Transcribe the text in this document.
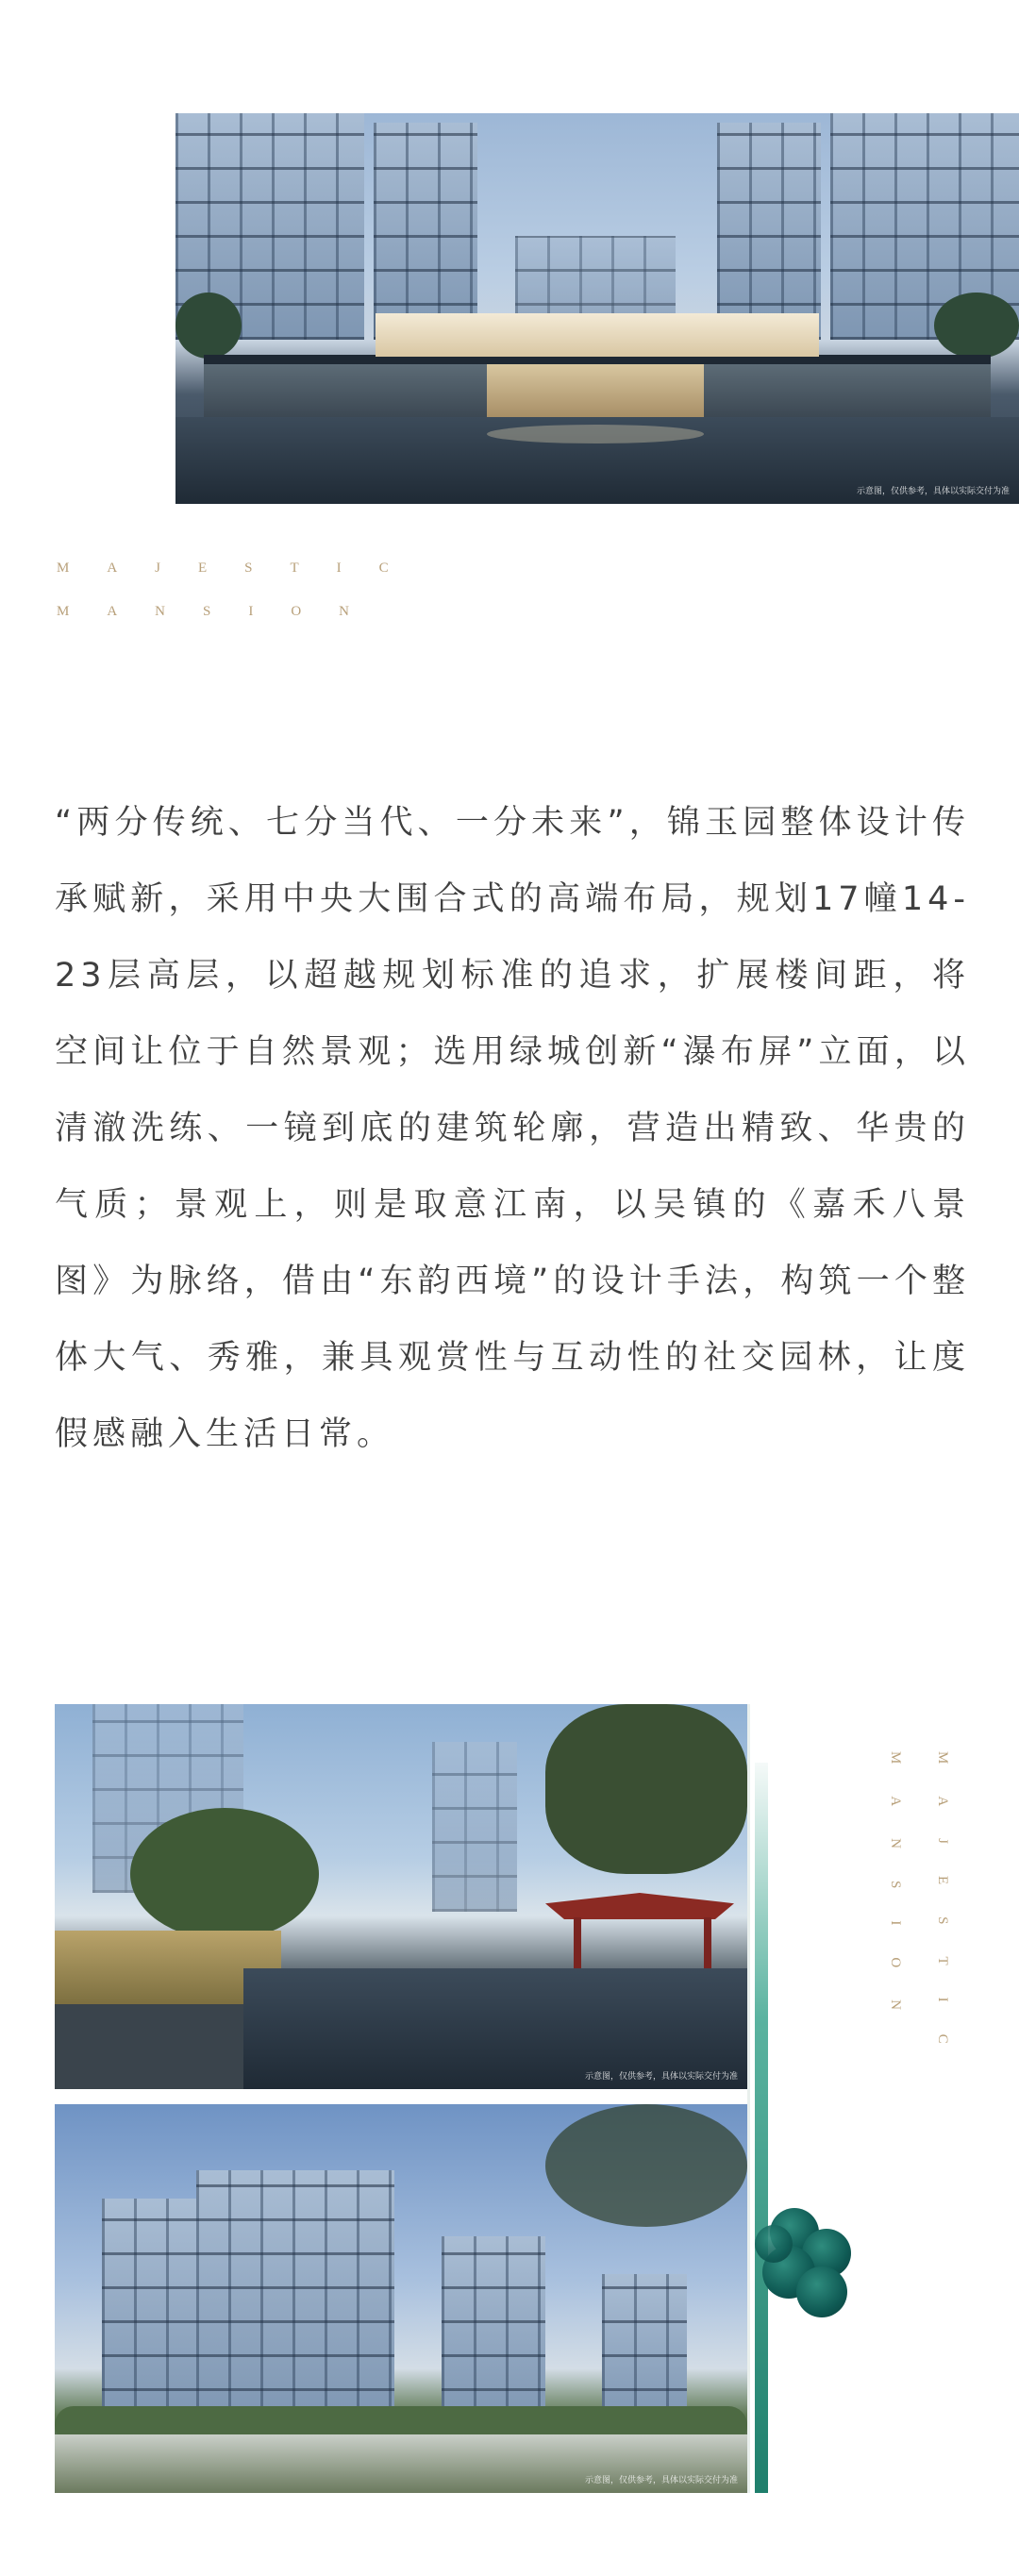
示意图，仅供参考，具体以实际交付为准
MAJESTIC
MANSION
“两分传统、七分当代、一分未来”，锦玉园整体设计传承赋新，采用中央大围合式的高端布局，规划17幢14-23层高层，以超越规划标准的追求，扩展楼间距，将空间让位于自然景观；选用绿城创新“瀑布屏”立面，以清澈洗练、一镜到底的建筑轮廓，营造出精致、华贵的气质；景观上，则是取意江南，以吴镇的《嘉禾八景图》为脉络，借由“东韵西境”的设计手法，构筑一个整体大气、秀雅，兼具观赏性与互动性的社交园林，让度假感融入生活日常。
示意图，仅供参考，具体以实际交付为准
示意图，仅供参考，具体以实际交付为准
MAJESTIC
MANSION
